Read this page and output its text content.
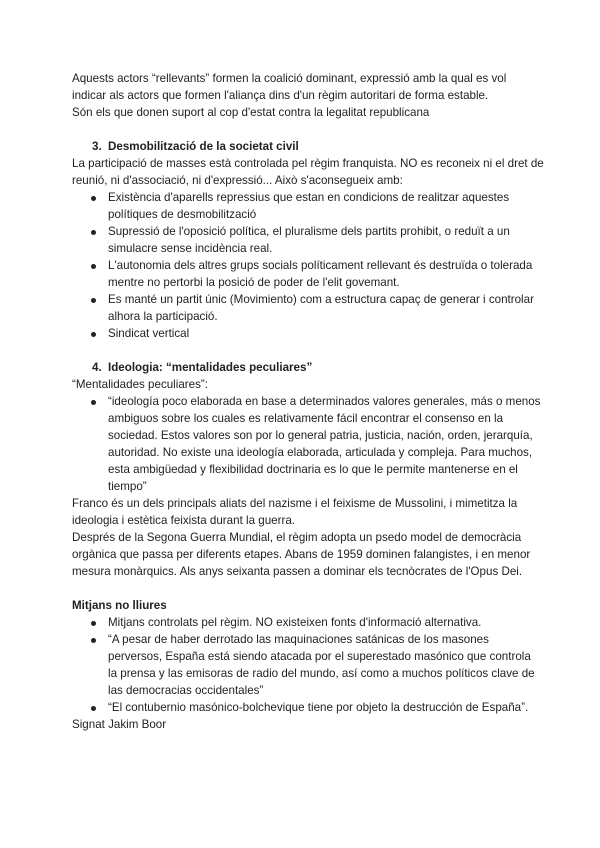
Aquests actors “rellevants” formen la coalició dominant, expressió amb la qual es vol
indicar als actors que formen l'aliança dins d'un règim autoritari de forma estable.
Són els que donen suport al cop d'estat contra la legalitat republicana
3. Desmobilització de la societat civil
La participació de masses està controlada pel règim franquista. NO es reconeix ni el dret de
reunió, ni d'associació, ni d'expressió... Això s'aconsegueix amb:
Existència d'aparells repressius que estan en condicions de realitzar aquestes
polítiques de desmobilització
Supressió de l'oposició política, el pluralisme dels partits prohibit, o reduït a un
simulacre sense incidència real.
L'autonomia dels altres grups socials políticament rellevant és destruïda o tolerada
mentre no pertorbi la posició de poder de l'elit govemant.
Es manté un partit únic (Movimiento) com a estructura capaç de generar i controlar
alhora la participació.
Sindicat vertical
4. Ideologia: “mentalidades peculiares”
“Mentalidades peculiares”:
“ideología poco elaborada en base a determinados valores generales, más o menos
ambiguos sobre los cuales es relativamente fácil encontrar el consenso en la
sociedad. Estos valores son por lo general patria, justicia, nación, orden, jerarquía,
autoridad. No existe una ideología elaborada, articulada y compleja. Para muchos,
esta ambigüedad y flexibilidad doctrinaria es lo que le permite mantenerse en el
tiempo”
Franco és un dels principals aliats del nazisme i el feixisme de Mussolini, i mimetitza la
ideologia i estètica feixista durant la guerra.
Després de la Segona Guerra Mundial, el règim adopta un psedo model de democràcia
orgànica que passa per diferents etapes. Abans de 1959 dominen falangistes, i en menor
mesura monàrquics. Als anys seixanta passen a dominar els tecnòcrates de l'Opus Dei.
Mitjans no lliures
Mitjans controlats pel règim. NO existeixen fonts d'informació alternativa.
“A pesar de haber derrotado las maquinaciones satánicas de los masones
perversos, España está siendo atacada por el superestado masónico que controla
la prensa y las emisoras de radio del mundo, así como a muchos políticos clave de
las democracias occidentales”
“El contubernio masónico-bolchevique tiene por objeto la destrucción de España”.
Signat Jakim Boor
